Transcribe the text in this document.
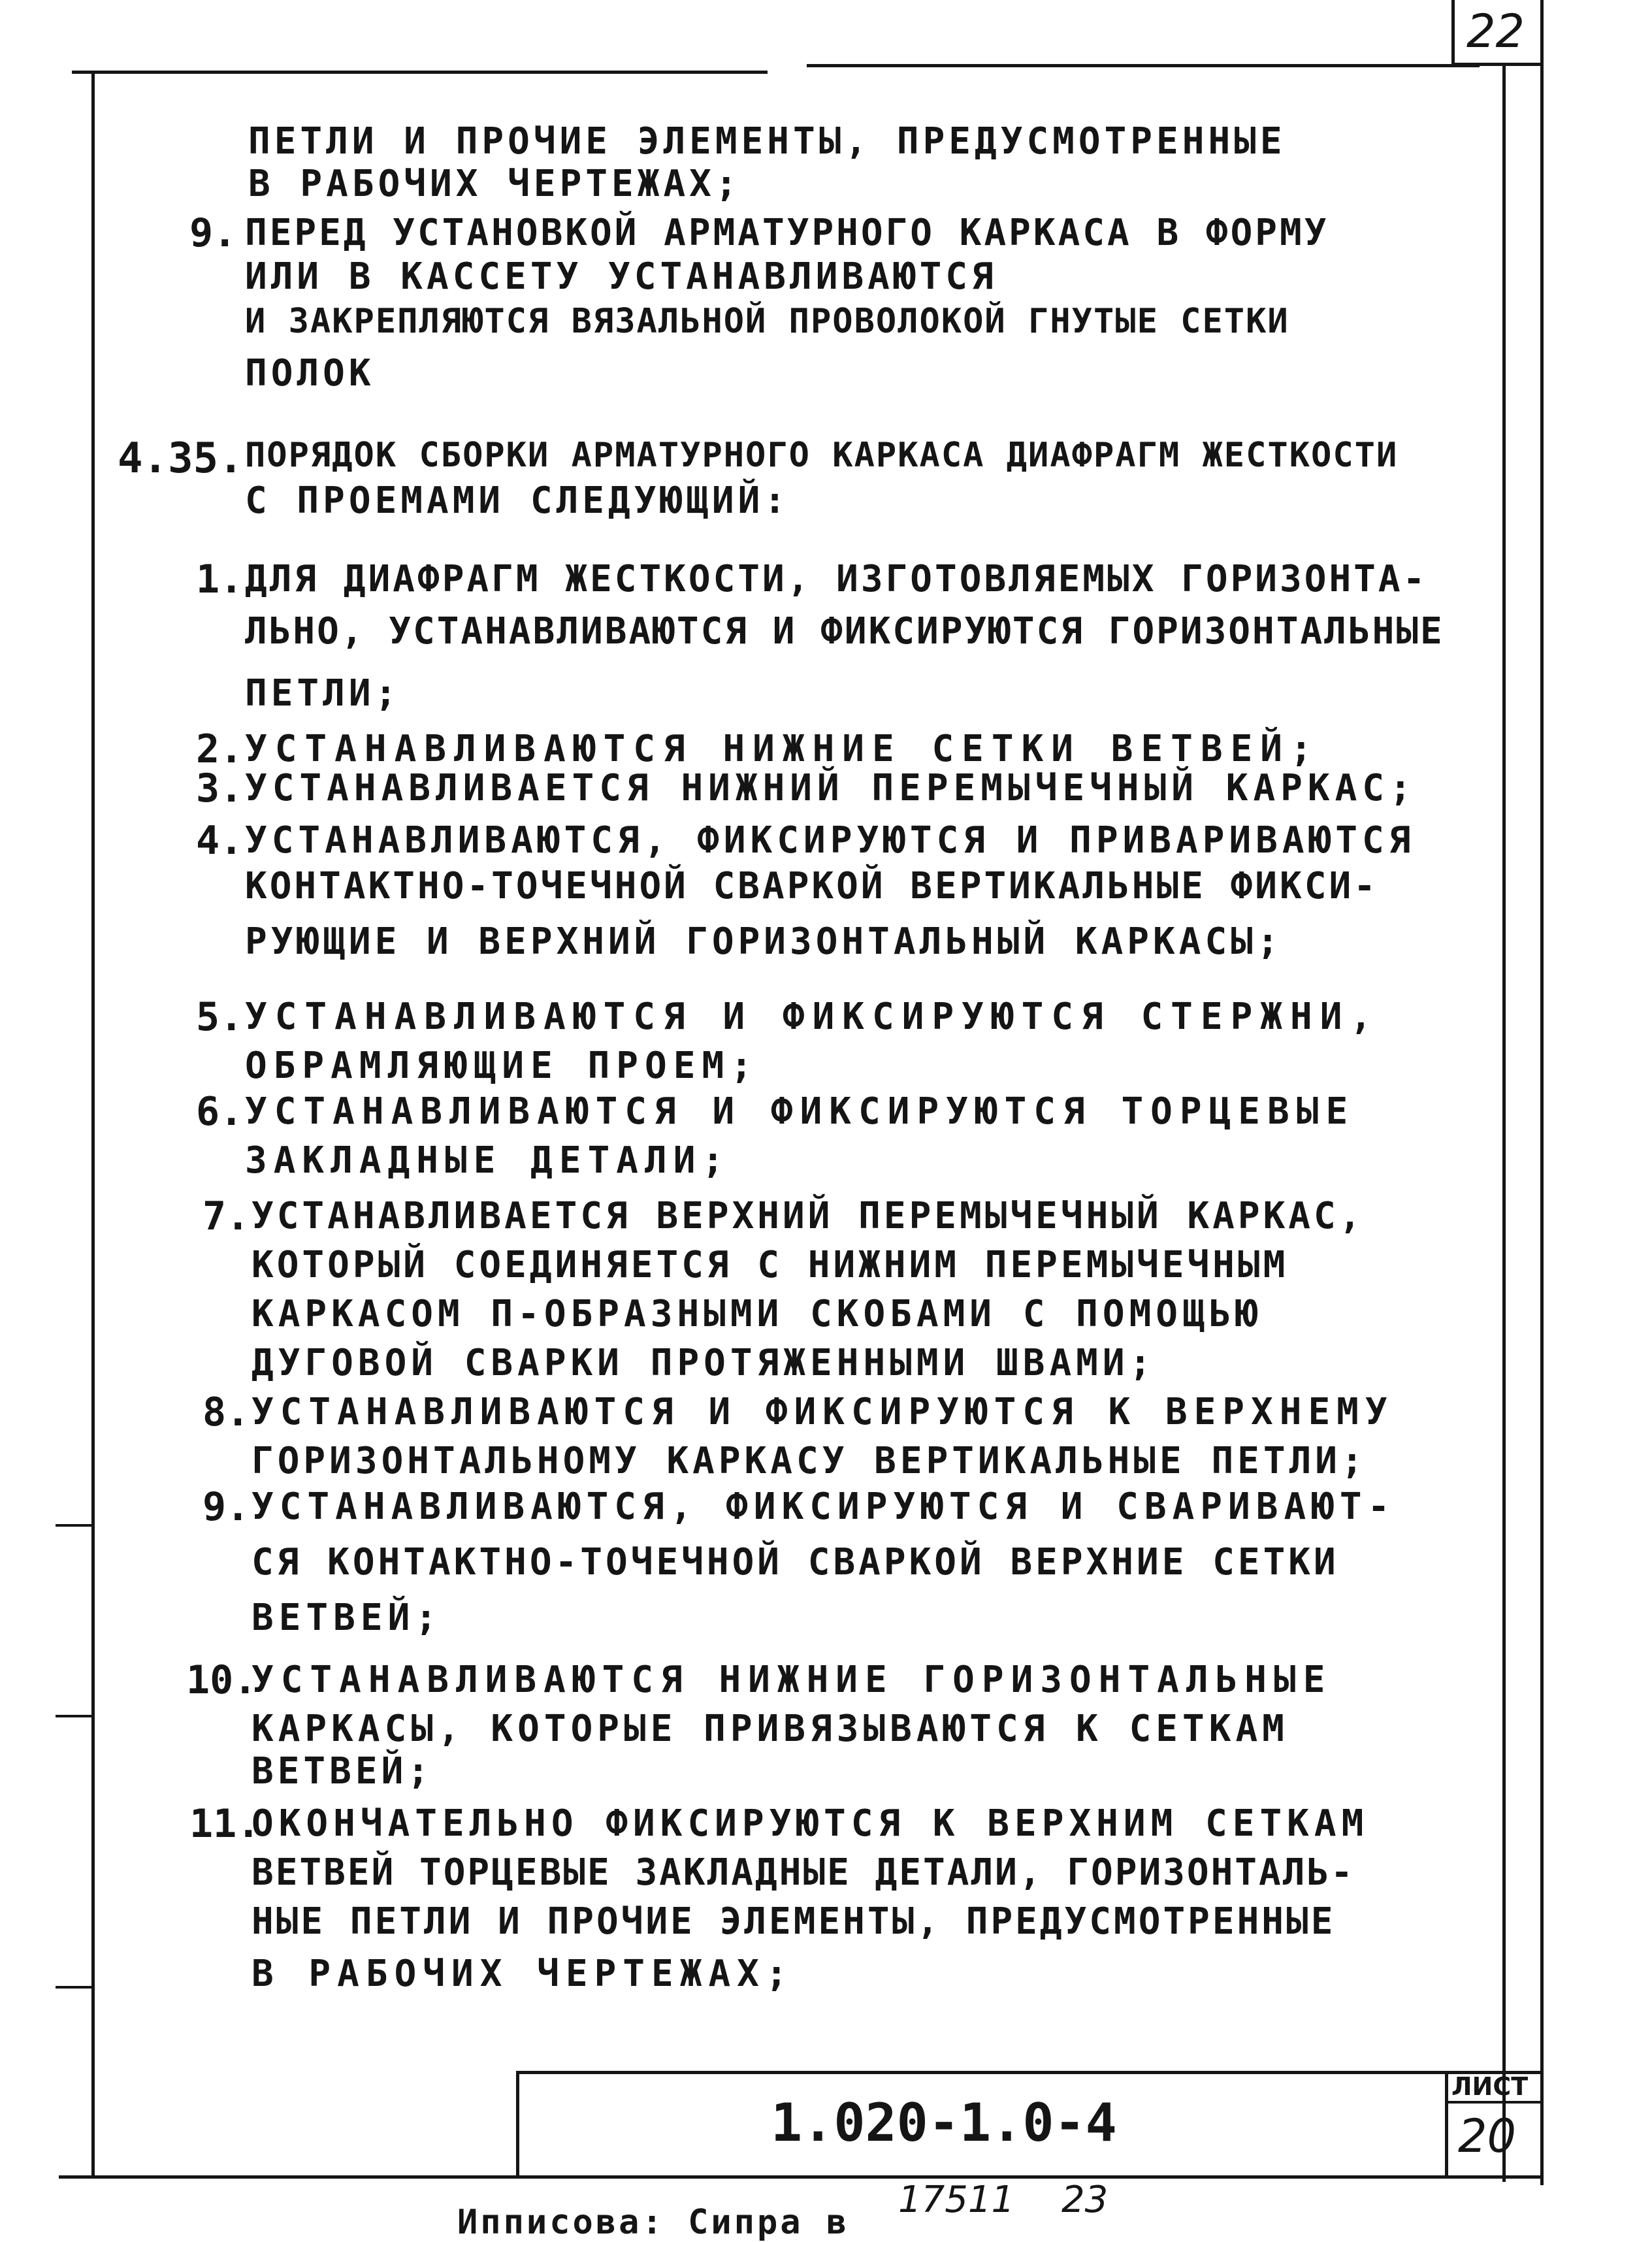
22
ПЕТЛИ И ПРОЧИЕ ЭЛЕМЕНТЫ, ПРЕДУСМОТРЕННЫЕ
В РАБОЧИХ ЧЕРТЕЖАХ;
9. ПЕРЕД УСТАНОВКОЙ АРМАТУРНОГО КАРКАСА В ФОРМУ
ИЛИ В КАССЕТУ УСТАНАВЛИВАЮТСЯ
И ЗАКРЕПЛЯЮТСЯ ВЯЗАЛЬНОЙ ПРОВОЛОКОЙ ГНУТЫЕ СЕТКИ
ПОЛОК
4.35. ПОРЯДОК СБОРКИ АРМАТУРНОГО КАРКАСА ДИАФРАГМ ЖЕСТКОСТИ
С ПРОЕМАМИ СЛЕДУЮЩИЙ:
1. ДЛЯ ДИАФРАГМ ЖЕСТКОСТИ, ИЗГОТОВЛЯЕМЫХ ГОРИЗОНТА-
ЛЬНО, УСТАНАВЛИВАЮТСЯ И ФИКСИРУЮТСЯ ГОРИЗОНТАЛЬНЫЕ
ПЕТЛИ;
2. УСТАНАВЛИВАЮТСЯ НИЖНИЕ СЕТКИ ВЕТВЕЙ;
3. УСТАНАВЛИВАЕТСЯ НИЖНИЙ ПЕРЕМЫЧЕЧНЫЙ КАРКАС;
4. УСТАНАВЛИВАЮТСЯ, ФИКСИРУЮТСЯ И ПРИВАРИВАЮТСЯ
КОНТАКТНО-ТОЧЕЧНОЙ СВАРКОЙ ВЕРТИКАЛЬНЫЕ ФИКСИ-
РУЮЩИЕ И ВЕРХНИЙ ГОРИЗОНТАЛЬНЫЙ КАРКАСЫ;
5. УСТАНАВЛИВАЮТСЯ И ФИКСИРУЮТСЯ СТЕРЖНИ,
ОБРАМЛЯЮЩИЕ ПРОЕМ;
6. УСТАНАВЛИВАЮТСЯ И ФИКСИРУЮТСЯ ТОРЦЕВЫЕ
ЗАКЛАДНЫЕ ДЕТАЛИ;
7. УСТАНАВЛИВАЕТСЯ ВЕРХНИЙ ПЕРЕМЫЧЕЧНЫЙ КАРКАС,
КОТОРЫЙ СОЕДИНЯЕТСЯ С НИЖНИМ ПЕРЕМЫЧЕЧНЫМ
КАРКАСОМ П-ОБРАЗНЫМИ СКОБАМИ С ПОМОЩЬЮ
ДУГОВОЙ СВАРКИ ПРОТЯЖЕННЫМИ ШВАМИ;
8. УСТАНАВЛИВАЮТСЯ И ФИКСИРУЮТСЯ К ВЕРХНЕМУ
ГОРИЗОНТАЛЬНОМУ КАРКАСУ ВЕРТИКАЛЬНЫЕ ПЕТЛИ;
9. УСТАНАВЛИВАЮТСЯ, ФИКСИРУЮТСЯ И СВАРИВАЮТ-
СЯ КОНТАКТНО-ТОЧЕЧНОЙ СВАРКОЙ ВЕРХНИЕ СЕТКИ
ВЕТВЕЙ;
10.
УСТАНАВЛИВАЮТСЯ НИЖНИЕ ГОРИЗОНТАЛЬНЫЕ
КАРКАСЫ, КОТОРЫЕ ПРИВЯЗЫВАЮТСЯ К СЕТКАМ
ВЕТВЕЙ;
11.
ОКОНЧАТЕЛЬНО ФИКСИРУЮТСЯ К ВЕРХНИМ СЕТКАМ
ВЕТВЕЙ ТОРЦЕВЫЕ ЗАКЛАДНЫЕ ДЕТАЛИ, ГОРИЗОНТАЛЬ-
НЫЕ ПЕТЛИ И ПРОЧИЕ ЭЛЕМЕНТЫ, ПРЕДУСМОТРЕННЫЕ
В РАБОЧИХ ЧЕРТЕЖАХ;
1.020-1.0-4
ЛИСТ
20
17511 23
Ипписова: Сипра в
